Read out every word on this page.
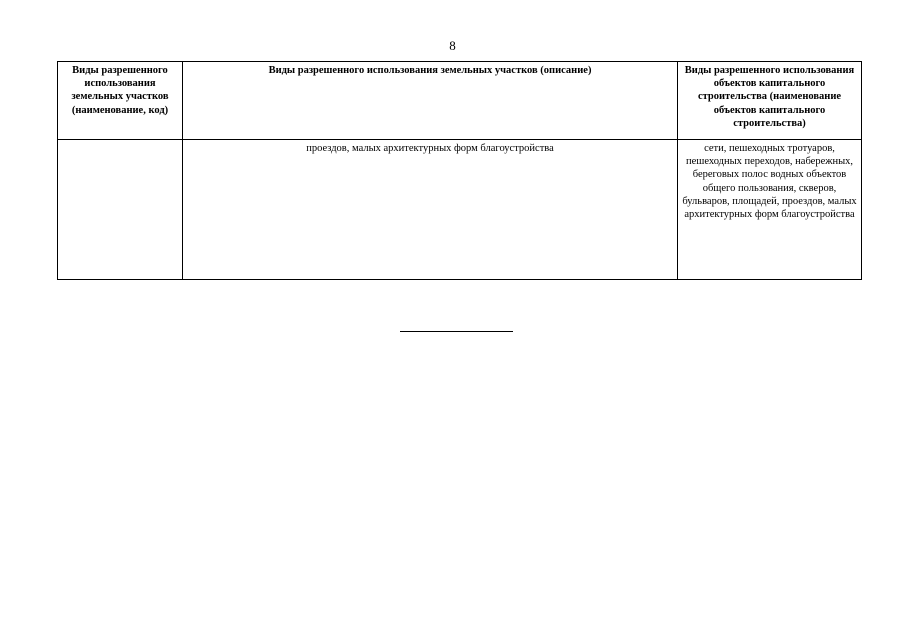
8
Виды разрешенного использования земельных участков (наименование, код)	Виды разрешенного использования земельных участков (описание)	Виды разрешенного использования объектов капитального строительства (наименование объектов капитального строительства)
	проездов, малых архитектурных форм благоустройства	сети, пешеходных тротуаров, пешеходных переходов, набережных, береговых полос водных объектов общего пользования, скверов, бульваров, площадей, проездов, малых архитектурных форм благоустройства
